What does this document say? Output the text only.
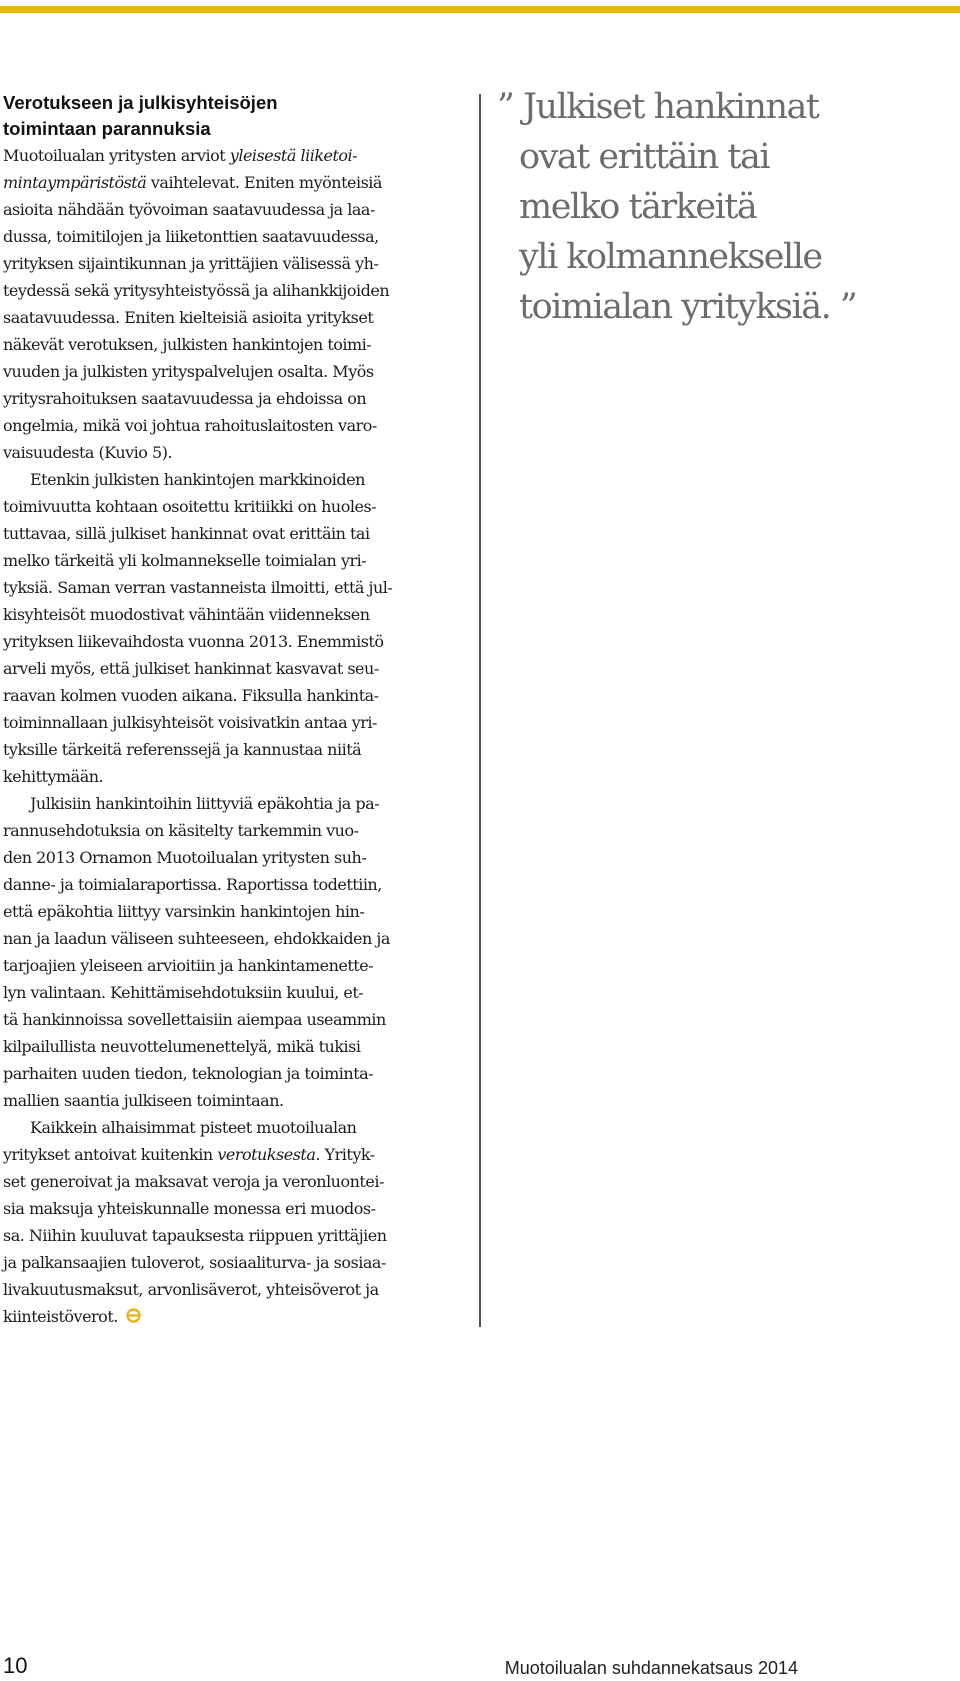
Verotukseen ja julkisyhteisöjen
toimintaan parannuksia

Muotoilualan yritysten arviot yleisestä liiketoi-
mintaympäristöstä vaihtelevat. Eniten myönteisiä
asioita nähdään työvoiman saatavuudessa ja laa-
dussa, toimitilojen ja liiketonttien saatavuudessa,
yrityksen sijaintikunnan ja yrittäjien välisessä yh-
teydessä sekä yritysyhteistyössä ja alihankkijoiden
saatavuudessa. Eniten kielteisiä asioita yritykset
näkevät verotuksen, julkisten hankintojen toimi-
vuuden ja julkisten yrityspalvelujen osalta. Myös
yritysrahoituksen saatavuudessa ja ehdoissa on
ongelmia, mikä voi johtua rahoituslaitosten varo-
vaisuudesta (Kuvio 5).

Etenkin julkisten hankintojen markkinoiden
toimivuutta kohtaan osoitettu kritiikki on huoles-
tuttavaa, sillä julkiset hankinnat ovat erittäin tai
melko tärkeitä yli kolmannekselle toimialan yri-
tyksiä. Saman verran vastanneista ilmoitti, että jul-
kisyhteisöt muodostivat vähintään viidenneksen
yrityksen liikevaihdosta vuonna 2013. Enemmistö
arveli myös, että julkiset hankinnat kasvavat seu-
raavan kolmen vuoden aikana. Fiksulla hankinta-
toiminnallaan julkisyhteisöt voisivatkin antaa yri-
tyksille tärkeitä referenssejä ja kannustaa niitä
kehittymään.

Julkisiin hankintoihin liittyviä epäkohtia ja pa-
rannusehdotuksia on käsitelty tarkemmin vuo-
den 2013 Ornamon Muotoilualan yritysten suh-
danne- ja toimialaraportissa. Raportissa todettiin,
että epäkohtia liittyy varsinkin hankintojen hin-
nan ja laadun väliseen suhteeseen, ehdokkaiden ja
tarjoajien yleiseen arvioitiin ja hankintamenette-
lyn valintaan. Kehittämisehdotuksiin kuului, et-
tä hankinnoissa sovellettaisiin aiempaa useammin
kilpailullista neuvottelumenettelyä, mikä tukisi
parhaiten uuden tiedon, teknologian ja toiminta-
mallien saantia julkiseen toimintaan.

Kaikkein alhaisimmat pisteet muotoilualan
yritykset antoivat kuitenkin verotuksesta. Yrityk-
set generoivat ja maksavat veroja ja veronluontei-
sia maksuja yhteiskunnalle monessa eri muodos-
sa. Niihin kuuluvat tapauksesta riippuen yrittäjien
ja palkansaajien tuloverot, sosiaaliturva- ja sosiaa-
livakuutusmaksut, arvonlisäverot, yhteisöverot ja
kiinteistöverot.

” Julkiset hankinnat
ovat erittäin tai
melko tärkeitä
yli kolmannekselle
toimialan yrityksiä. ”
10	Muotoilualan suhdannekatsaus 2014
